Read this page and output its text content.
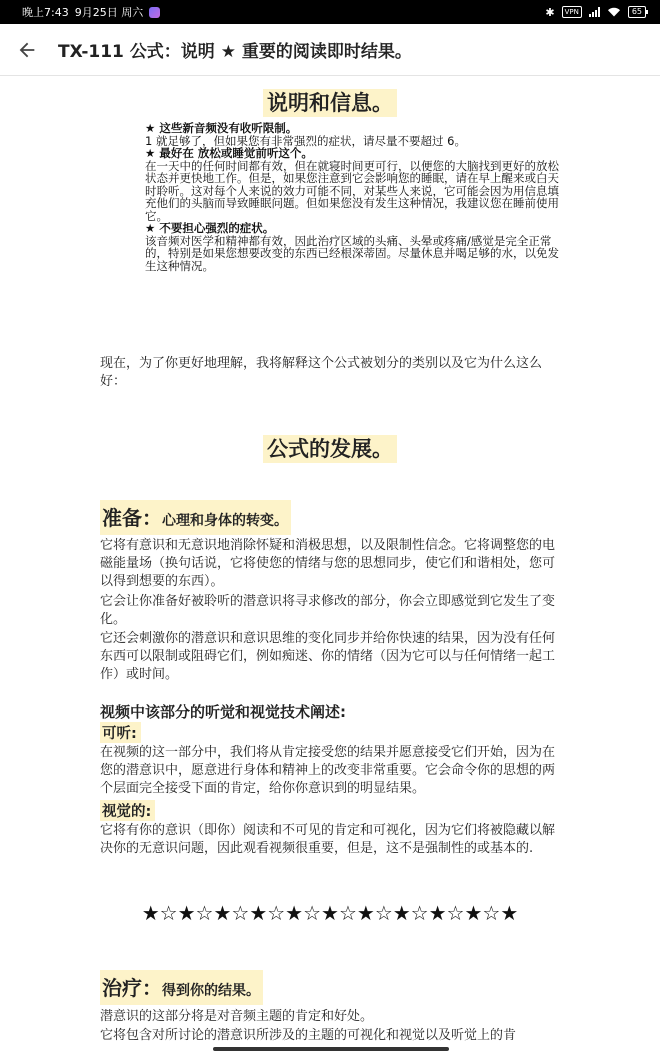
晚上7:43 9月25日 周六	✱	VPN	65
TX-111 公式：说明 ★ 重要的阅读即时结果。
说明和信息。
★ 这些新音频没有收听限制。
1 就足够了，但如果您有非常强烈的症状，请尽量不要超过 6。
★ 最好在 放松或睡觉前听这个。
在一天中的任何时间都有效，但在就寝时间更可行，以便您的大脑找到更好的放松状态并更快地工作。但是，如果您注意到它会影响您的睡眠，请在早上醒来或白天时聆听。这对每个人来说的效力可能不同，对某些人来说，它可能会因为用信息填充他们的头脑而导致睡眠问题。但如果您没有发生这种情况，我建议您在睡前使用它。
★ 不要担心强烈的症状。
该音频对医学和精神都有效，因此治疗区域的头痛、头晕或疼痛/感觉是完全正常的，特别是如果您想要改变的东西已经根深蒂固。尽量休息并喝足够的水，以免发生这种情况。
现在，为了你更好地理解，我将解释这个公式被划分的类别以及它为什么这么好：
公式的发展。
准备：心理和身体的转变。
它将有意识和无意识地消除怀疑和消极思想，以及限制性信念。它将调整您的电磁能量场（换句话说，它将使您的情绪与您的思想同步，使它们和谐相处，您可以得到想要的东西）。
它会让你准备好被聆听的潜意识将寻求修改的部分，你会立即感觉到它发生了变化。
它还会刺激你的潜意识和意识思维的变化同步并给你快速的结果，因为没有任何东西可以限制或阻碍它们，例如痴迷、你的情绪（因为它可以与任何情绪一起工作）或时间。
视频中该部分的听觉和视觉技术阐述:
可听:
在视频的这一部分中，我们将从肯定接受您的结果并愿意接受它们开始，因为在您的潜意识中，愿意进行身体和精神上的改变非常重要。它会命令你的思想的两个层面完全接受下面的肯定，给你你意识到的明显结果。
视觉的:
它将有你的意识（即你）阅读和不可见的肯定和可视化，因为它们将被隐藏以解决你的无意识问题，因此观看视频很重要，但是，这不是强制性的或基本的.
★☆★☆★☆★☆★☆★☆★☆★☆★☆★☆★
治疗：得到你的结果。
潜意识的这部分将是对音频主题的肯定和好处。
它将包含对所讨论的潜意识所涉及的主题的可视化和视觉以及听觉上的肯
